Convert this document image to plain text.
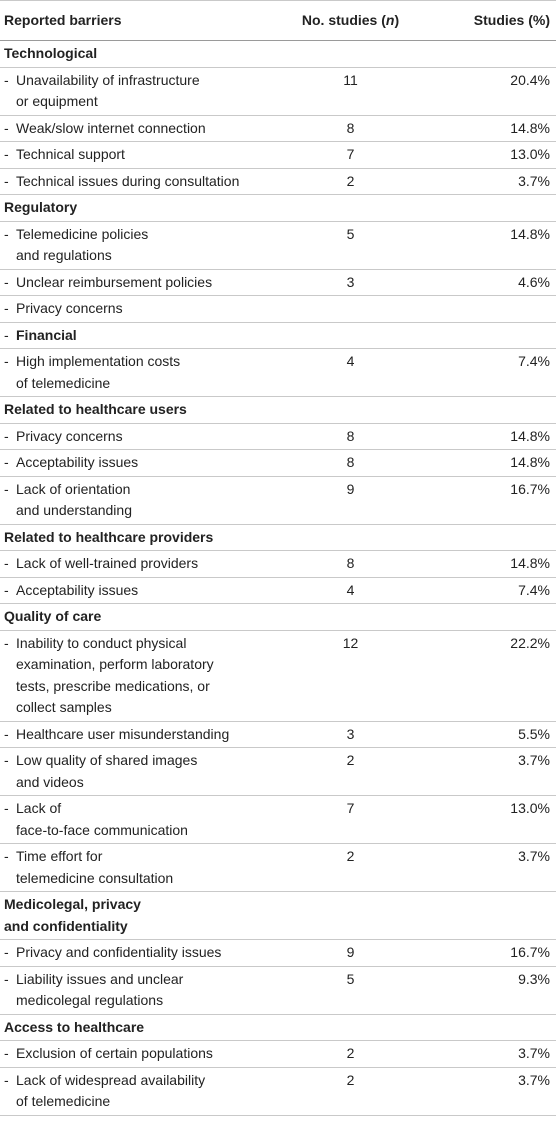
Reported barriers	No. studies (n)	Studies (%)
Technological
- Unavailability of infrastructure
or equipment
11	20.4%
- Weak/slow internet connection	8	14.8%
- Technical support	7	13.0%
- Technical issues during consultation	2	3.7%
Regulatory
- Telemedicine policies
and regulations
5	14.8%
- Unclear reimbursement policies	3	4.6%
- Privacy concerns
- Financial
- High implementation costs
of telemedicine
4	7.4%
Related to healthcare users
- Privacy concerns	8	14.8%
- Acceptability issues	8	14.8%
- Lack of orientation
and understanding
9	16.7%
Related to healthcare providers
- Lack of well-trained providers	8	14.8%
- Acceptability issues	4	7.4%
Quality of care
- Inability to conduct physical
examination, perform laboratory
tests, prescribe medications, or
collect samples
12	22.2%
- Healthcare user misunderstanding	3	5.5%
- Low quality of shared images
and videos
2	3.7%
- Lack of
face-to-face communication
7	13.0%
- Time effort for
telemedicine consultation
2	3.7%
Medicolegal, privacy
and confidentiality
- Privacy and confidentiality issues	9	16.7%
- Liability issues and unclear
medicolegal regulations
5	9.3%
Access to healthcare
- Exclusion of certain populations	2	3.7%
- Lack of widespread availability
of telemedicine
2	3.7%
